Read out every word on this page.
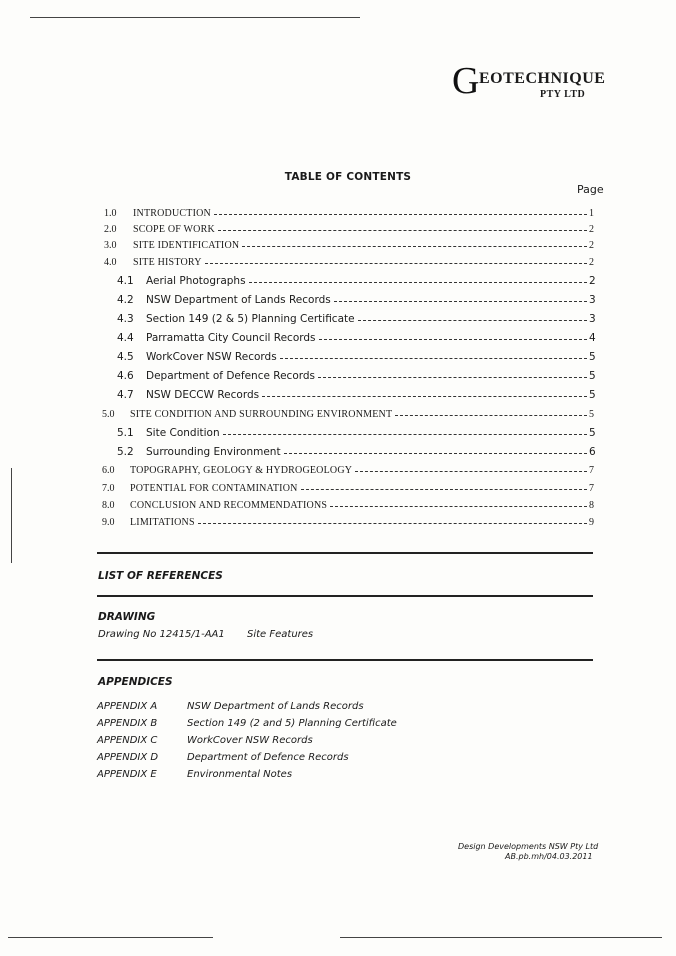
G EOTECHNIQUE
PTY LTD
TABLE OF CONTENTS
Page
1.0 INTRODUCTION	1
2.0 SCOPE OF WORK	2
3.0 SITE IDENTIFICATION	2
4.0 SITE HISTORY	2
4.1 Aerial Photographs	2
4.2 NSW Department of Lands Records	3
4.3 Section 149 (2 & 5) Planning Certificate	3
4.4 Parramatta City Council Records	4
4.5 WorkCover NSW Records	5
4.6 Department of Defence Records	5
4.7 NSW DECCW Records	5
5.0 SITE CONDITION AND SURROUNDING ENVIRONMENT	5
5.1 Site Condition	5
5.2 Surrounding Environment	6
6.0 TOPOGRAPHY, GEOLOGY & HYDROGEOLOGY	7
7.0 POTENTIAL FOR CONTAMINATION	7
8.0 CONCLUSION AND RECOMMENDATIONS	8
9.0 LIMITATIONS	9
LIST OF REFERENCES
DRAWING
Drawing No 12415/1-AA1 Site Features
APPENDICES
APPENDIX A	NSW Department of Lands Records
APPENDIX B	Section 149 (2 and 5) Planning Certificate
APPENDIX C	WorkCover NSW Records
APPENDIX D	Department of Defence Records
APPENDIX E	Environmental Notes
Design Developments NSW Pty Ltd
AB.pb.mh/04.03.2011
